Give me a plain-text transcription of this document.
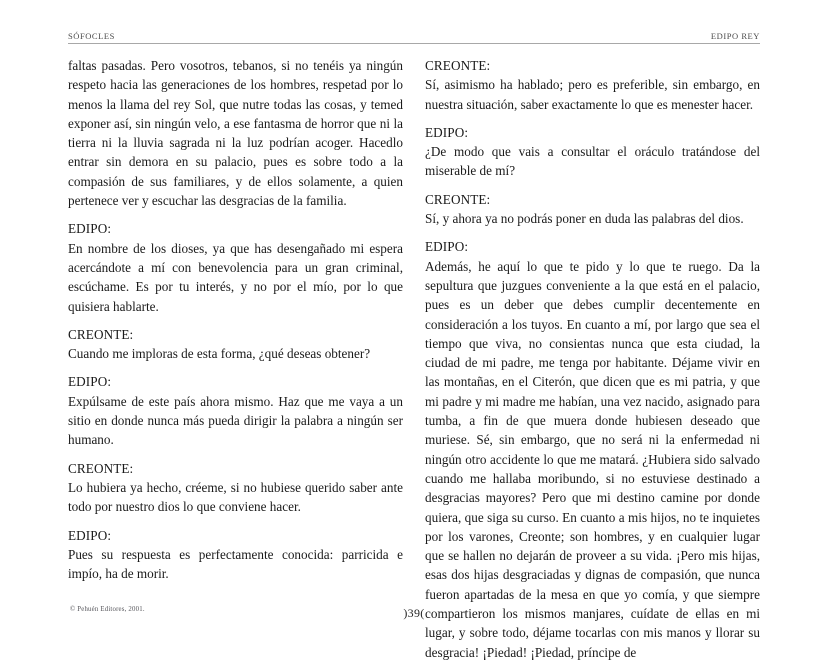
SÓFOCLES	EDIPO REY

faltas pasadas. Pero vosotros, tebanos, si no tenéis ya ningún respeto hacia las generaciones de los hombres, respetad por lo menos la llama del rey Sol, que nutre todas las cosas, y temed exponer así, sin ningún velo, a ese fantasma de horror que ni la tierra ni la lluvia sagrada ni la luz podrían acoger. Hacedlo entrar sin demora en su palacio, pues es sobre todo a la compasión de sus familiares, y de ellos solamente, a quien pertenece ver y escuchar las desgracias de la familia.

EDIPO:

En nombre de los dioses, ya que has desengañado mi espera acercándote a mí con benevolencia para un gran criminal, escúchame. Es por tu interés, y no por el mío, por lo que quisiera hablarte.

CREONTE:

Cuando me imploras de esta forma, ¿qué deseas obtener?

EDIPO:

Expúlsame de este país ahora mismo. Haz que me vaya a un sitio en donde nunca más pueda dirigir la palabra a ningún ser humano.

CREONTE:

Lo hubiera ya hecho, créeme, si no hubiese querido saber ante todo por nuestro dios lo que conviene hacer.

EDIPO:

Pues su respuesta es perfectamente conocida: parricida e impío, ha de morir.

CREONTE:

Sí, asimismo ha hablado; pero es preferible, sin embargo, en nuestra situación, saber exactamente lo que es menester hacer.

EDIPO:

¿De modo que vais a consultar el oráculo tratándose del miserable de mí?

CREONTE:

Sí, y ahora ya no podrás poner en duda las palabras del dios.

EDIPO:

Además, he aquí lo que te pido y lo que te ruego. Da la sepultura que juzgues conveniente a la que está en el palacio, pues es un deber que debes cumplir decentemente en consideración a los tuyos. En cuanto a mí, por largo que sea el tiempo que viva, no consientas nunca que esta ciudad, la ciudad de mi padre, me tenga por habitante. Déjame vivir en las montañas, en el Citerón, que dicen que es mi patria, y que mi padre y mi madre me habían, una vez nacido, asignado para tumba, a fin de que muera donde hubiesen deseado que muriese. Sé, sin embargo, que no será ni la enfermedad ni ningún otro accidente lo que me matará. ¿Hubiera sido salvado cuando me hallaba moribundo, si no estuviese destinado a desgracias mayores? Pero que mi destino camine por donde quiera, que siga su curso. En cuanto a mis hijos, no te inquietes por los varones, Creonte; son hombres, y en cualquier lugar que se hallen no dejarán de proveer a su vida. ¡Pero mis hijas, esas dos hijas desgraciadas y dignas de compasión, que nunca fueron apartadas de la mesa en que yo comía, y que siempre compartieron los mismos manjares, cuídate de ellas en mi lugar, y sobre todo, déjame tocarlas con mis manos y llorar su desgracia! ¡Piedad! ¡Piedad, príncipe de

© Pehuén Editores, 2001.	)39(
